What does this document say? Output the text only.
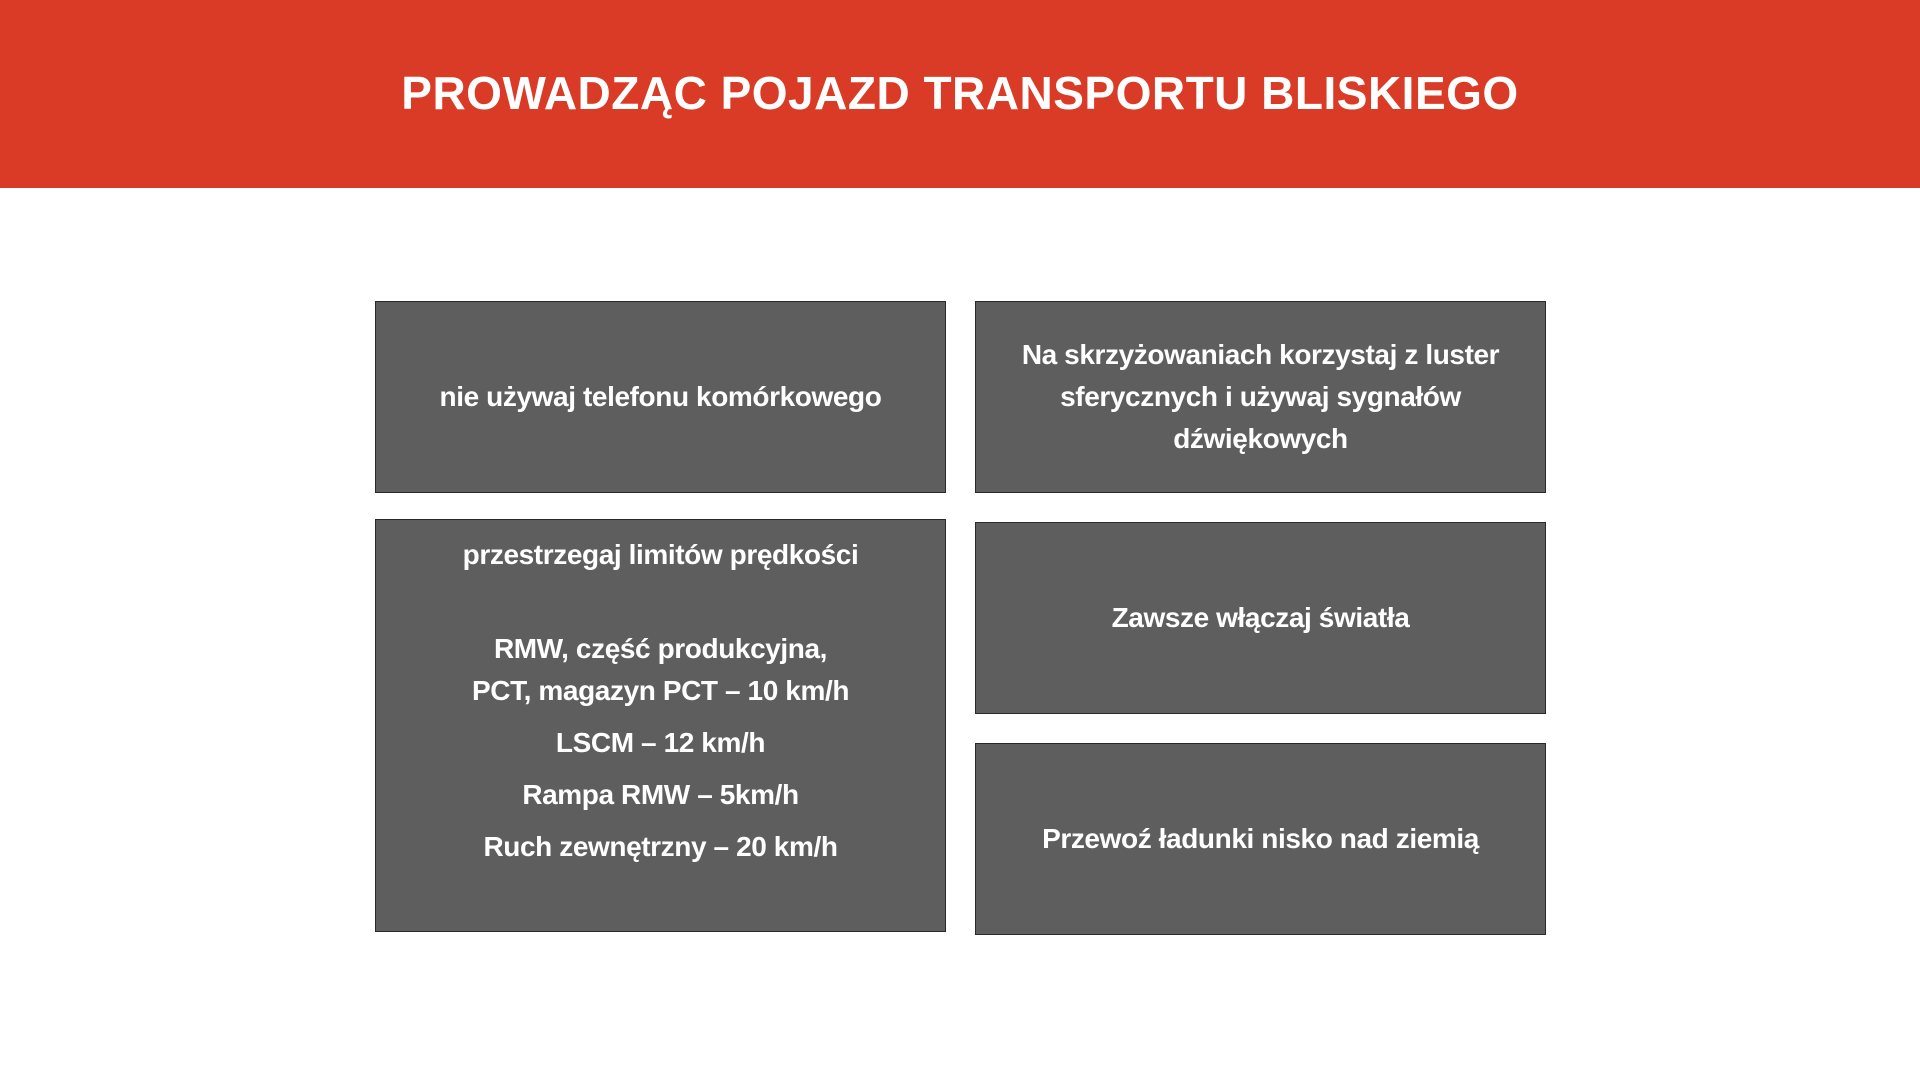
PROWADZĄC POJAZD TRANSPORTU BLISKIEGO
nie używaj telefonu komórkowego
Na skrzyżowaniach korzystaj z luster
sferycznych i używaj sygnałów dźwiękowych
przestrzegaj limitów prędkości
RMW, część produkcyjna,
PCT, magazyn PCT – 10 km/h
LSCM – 12 km/h
Rampa RMW – 5km/h
Ruch zewnętrzny – 20 km/h
Zawsze włączaj światła
Przewoź ładunki nisko nad ziemią
